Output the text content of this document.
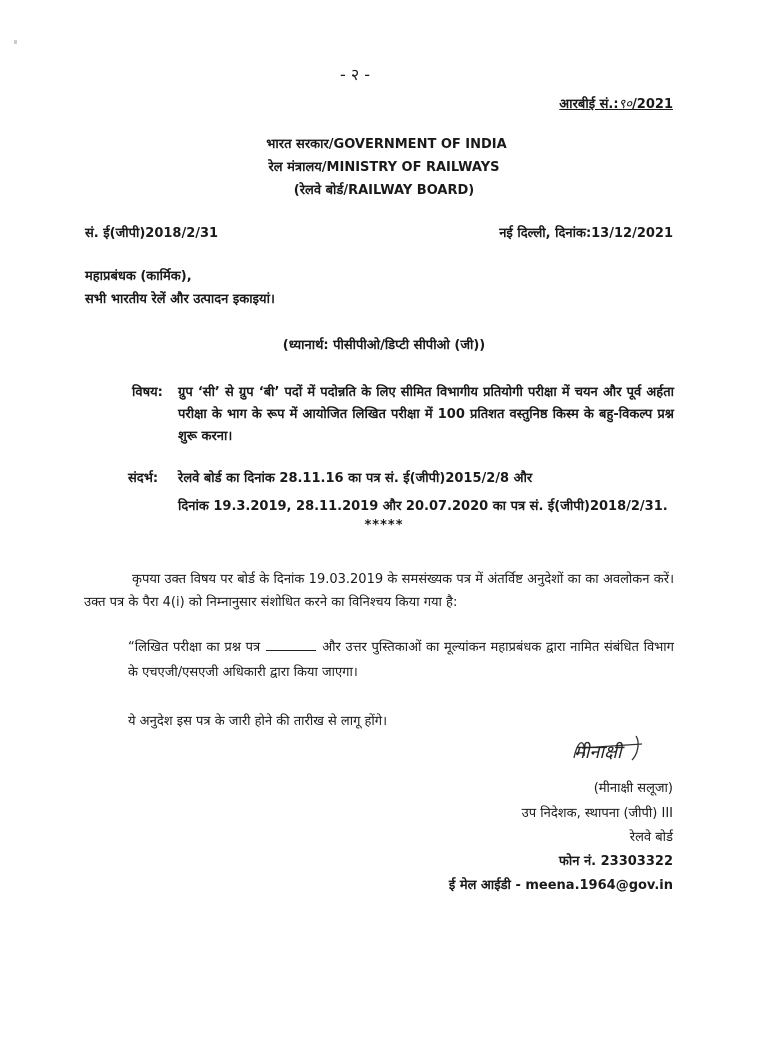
- २ -
आरबीई सं.:९०/2021
भारत सरकार/GOVERNMENT OF INDIA
रेल मंत्रालय/MINISTRY OF RAILWAYS
(रेलवे बोर्ड/RAILWAY BOARD)
सं. ई(जीपी)2018/2/31	नई दिल्ली, दिनांक:13/12/2021
महाप्रबंधक (कार्मिक),
सभी भारतीय रेलें और उत्पादन इकाइयां।
(ध्यानार्थ: पीसीपीओ/डिप्टी सीपीओ (जी))
विषय: ग्रुप ‘सी’ से ग्रुप ‘बी’ पदों में पदोन्नति के लिए सीमित विभागीय प्रतियोगी परीक्षा में चयन और पूर्व अर्हता परीक्षा के भाग के रूप में आयोजित लिखित परीक्षा में 100 प्रतिशत वस्तुनिष्ठ किस्म के बहु-विकल्प प्रश्न शुरू करना।
संदर्भ: रेलवे बोर्ड का दिनांक 28.11.16 का पत्र सं. ई(जीपी)2015/2/8 और
दिनांक 19.3.2019, 28.11.2019 और 20.07.2020 का पत्र सं. ई(जीपी)2018/2/31.
*****
कृपया उक्त विषय पर बोर्ड के दिनांक 19.03.2019 के समसंख्यक पत्र में अंतर्विष्ट अनुदेशों का का अवलोकन करें। उक्त पत्र के पैरा 4(i) को निम्नानुसार संशोधित करने का विनिश्चय किया गया है:
“लिखित परीक्षा का प्रश्न पत्र	और उत्तर पुस्तिकाओं का मूल्यांकन महाप्रबंधक द्वारा नामित संबंधित विभाग के एचएजी/एसएजी अधिकारी द्वारा किया जाएगा।
ये अनुदेश इस पत्र के जारी होने की तारीख से लागू होंगे।
मीनाक्षी
(मीनाक्षी सलूजा)
उप निदेशक, स्थापना (जीपी) III
रेलवे बोर्ड
फोन नं. 23303322
ई मेल आईडी - meena.1964@gov.in
